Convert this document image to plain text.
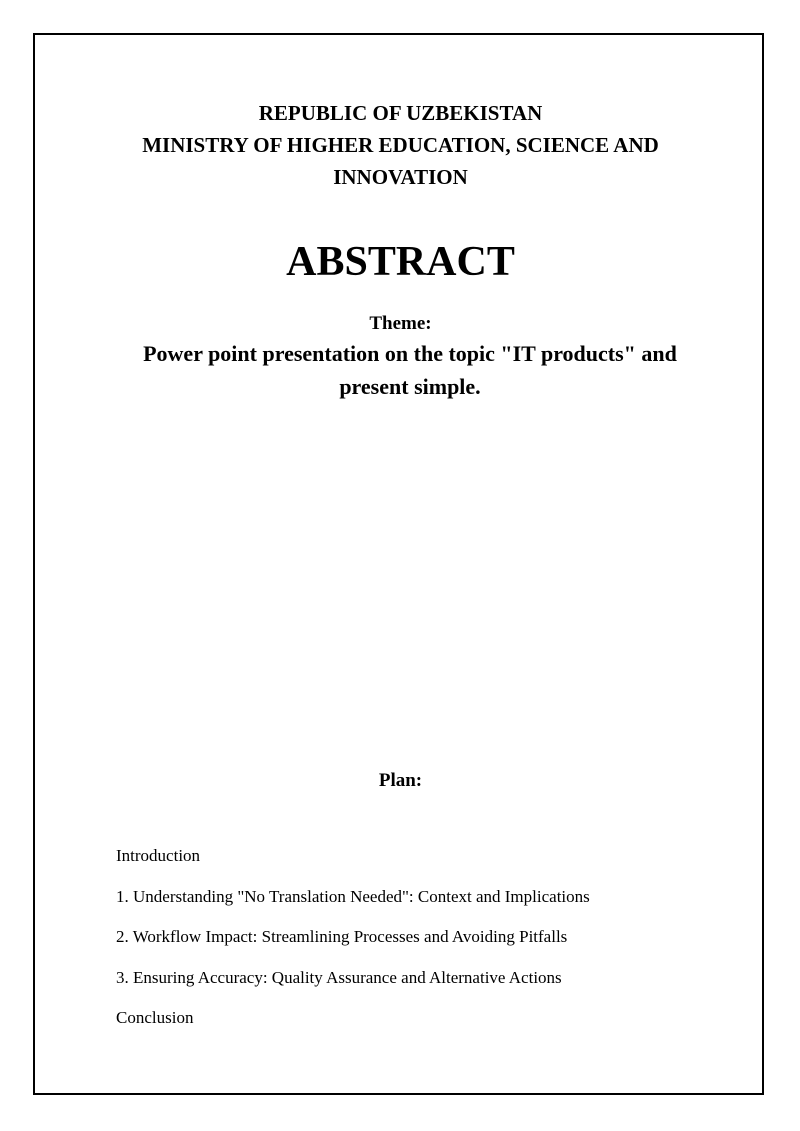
REPUBLIC OF UZBEKISTAN
MINISTRY OF HIGHER EDUCATION, SCIENCE AND
INNOVATION
ABSTRACT
Theme:
Power point presentation on the topic "IT products" and present simple.
Plan:
Introduction
1. Understanding "No Translation Needed": Context and Implications
2. Workflow Impact: Streamlining Processes and Avoiding Pitfalls
3. Ensuring Accuracy: Quality Assurance and Alternative Actions
Conclusion
